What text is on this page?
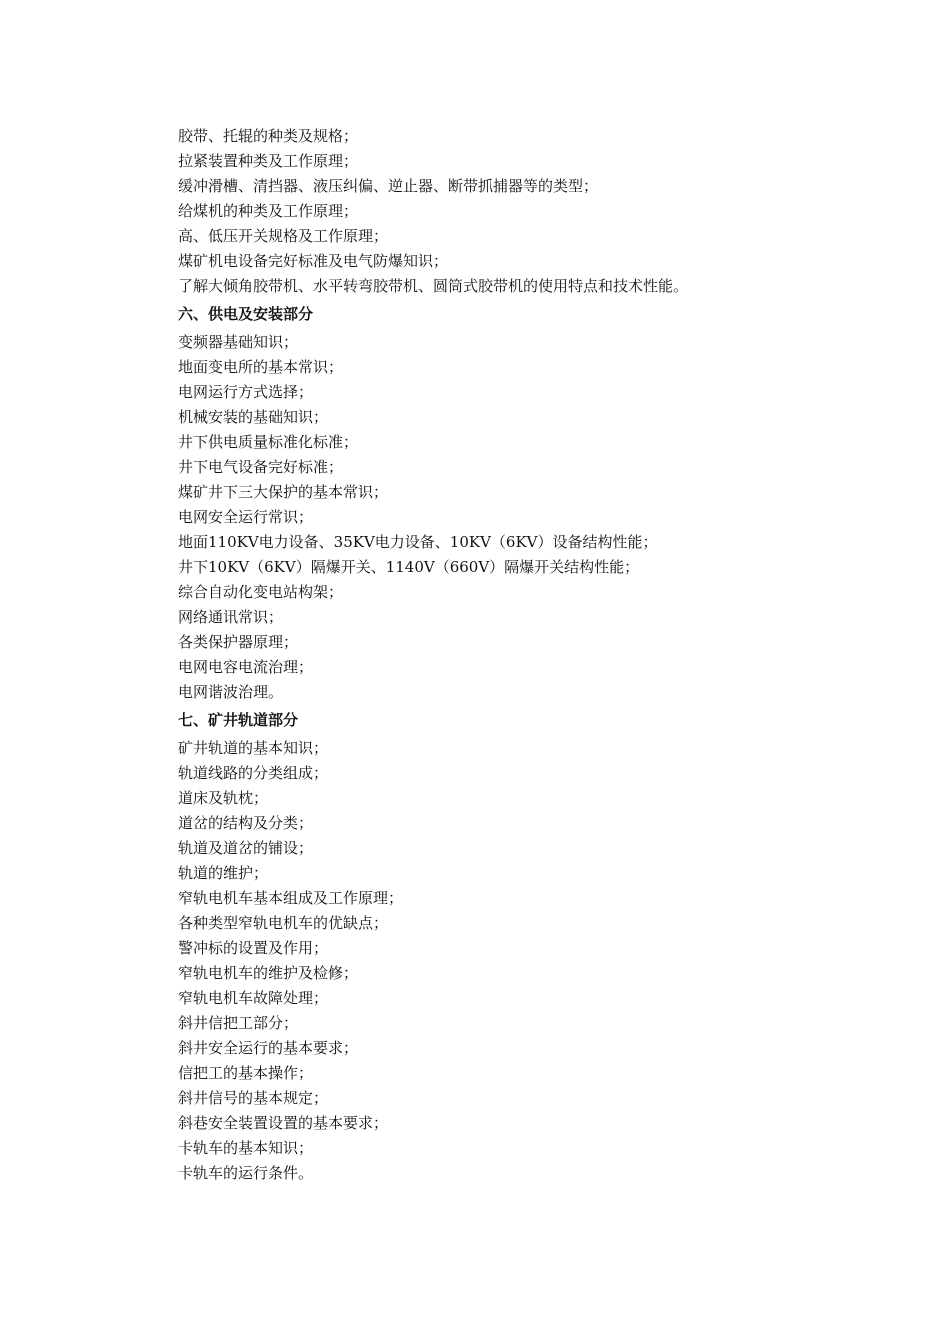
胶带、托辊的种类及规格；

拉紧装置种类及工作原理；

缓冲滑槽、清挡器、液压纠偏、逆止器、断带抓捕器等的类型；

给煤机的种类及工作原理；

高、低压开关规格及工作原理；

煤矿机电设备完好标准及电气防爆知识；

了解大倾角胶带机、水平转弯胶带机、圆筒式胶带机的使用特点和技术性能。

六、供电及安装部分

变频器基础知识；

地面变电所的基本常识；

电网运行方式选择；

机械安装的基础知识；

井下供电质量标准化标准；

井下电气设备完好标准；

煤矿井下三大保护的基本常识；

电网安全运行常识；

地面110KV电力设备、35KV电力设备、10KV（6KV）设备结构性能；

井下10KV（6KV）隔爆开关、1140V（660V）隔爆开关结构性能；

综合自动化变电站构架；

网络通讯常识；

各类保护器原理；

电网电容电流治理；

电网谐波治理。

七、矿井轨道部分

矿井轨道的基本知识；

轨道线路的分类组成；

道床及轨枕；

道岔的结构及分类；

轨道及道岔的铺设；

轨道的维护；

窄轨电机车基本组成及工作原理；

各种类型窄轨电机车的优缺点；

警冲标的设置及作用；

窄轨电机车的维护及检修；

窄轨电机车故障处理；

斜井信把工部分；

斜井安全运行的基本要求；

信把工的基本操作；

斜井信号的基本规定；

斜巷安全装置设置的基本要求；

卡轨车的基本知识；

卡轨车的运行条件。
